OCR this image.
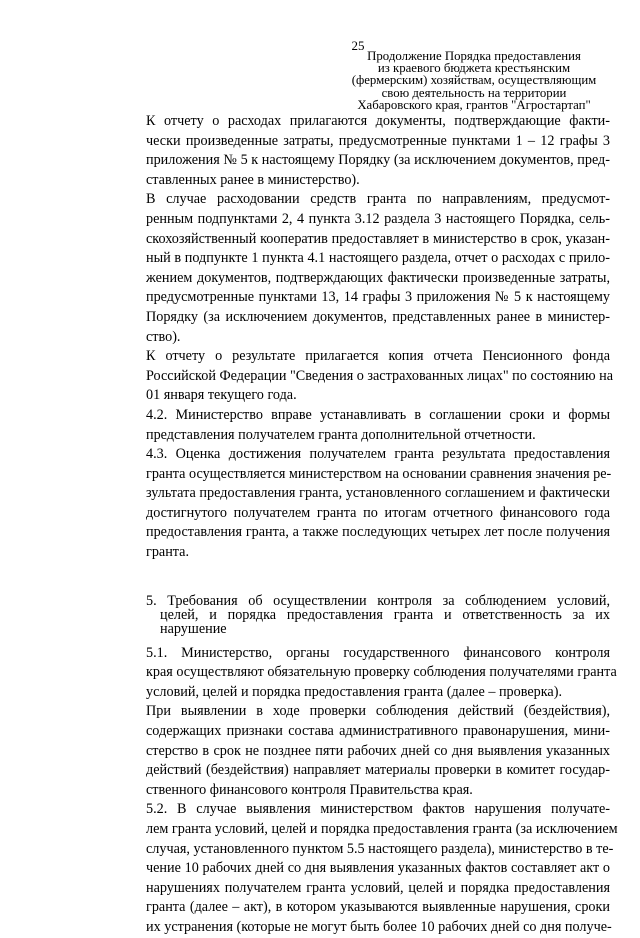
25
Продолжение Порядка предоставления
из краевого бюджета крестьянским
(фермерским) хозяйствам, осуществляющим
свою деятельность на территории
Хабаровского края, грантов "Агростартап"
К отчету о расходах прилагаются документы, подтверждающие факти-
чески произведенные затраты, предусмотренные пунктами 1 – 12 графы 3
приложения № 5 к настоящему Порядку (за исключением документов, пред-
ставленных ранее в министерство).
В случае расходовании средств гранта по направлениям, предусмот-
ренным подпунктами 2, 4 пункта 3.12 раздела 3 настоящего Порядка, сель-
скохозяйственный кооператив предоставляет в министерство в срок, указан-
ный в подпункте 1 пункта 4.1 настоящего раздела, отчет о расходах с прило-
жением документов, подтверждающих фактически произведенные затраты,
предусмотренные пунктами 13, 14 графы 3 приложения № 5 к настоящему
Порядку (за исключением документов, представленных ранее в министер-
ство).
К отчету о результате прилагается копия отчета Пенсионного фонда
Российской Федерации "Сведения о застрахованных лицах" по состоянию на
01 января текущего года.
4.2. Министерство вправе устанавливать в соглашении сроки и формы
представления получателем гранта дополнительной отчетности.
4.3. Оценка достижения получателем гранта результата предоставления
гранта осуществляется министерством на основании сравнения значения ре-
зультата предоставления гранта, установленного соглашением и фактически
достигнутого получателем гранта по итогам отчетного финансового года
предоставления гранта, а также последующих четырех лет после получения
гранта.
5. Требования об осуществлении контроля за соблюдением условий,
целей, и порядка предоставления гранта и ответственность за их
нарушение
5.1. Министерство, органы государственного финансового контроля
края осуществляют обязательную проверку соблюдения получателями гранта
условий, целей и порядка предоставления гранта (далее – проверка).
При выявлении в ходе проверки соблюдения действий (бездействия),
содержащих признаки состава административного правонарушения, мини-
стерство в срок не позднее пяти рабочих дней со дня выявления указанных
действий (бездействия) направляет материалы проверки в комитет государ-
ственного финансового контроля Правительства края.
5.2. В случае выявления министерством фактов нарушения получате-
лем гранта условий, целей и порядка предоставления гранта (за исключением
случая, установленного пунктом 5.5 настоящего раздела), министерство в те-
чение 10 рабочих дней со дня выявления указанных фактов составляет акт о
нарушениях получателем гранта условий, целей и порядка предоставления
гранта (далее – акт), в котором указываются выявленные нарушения, сроки
их устранения (которые не могут быть более 10 рабочих дней со дня получе-
